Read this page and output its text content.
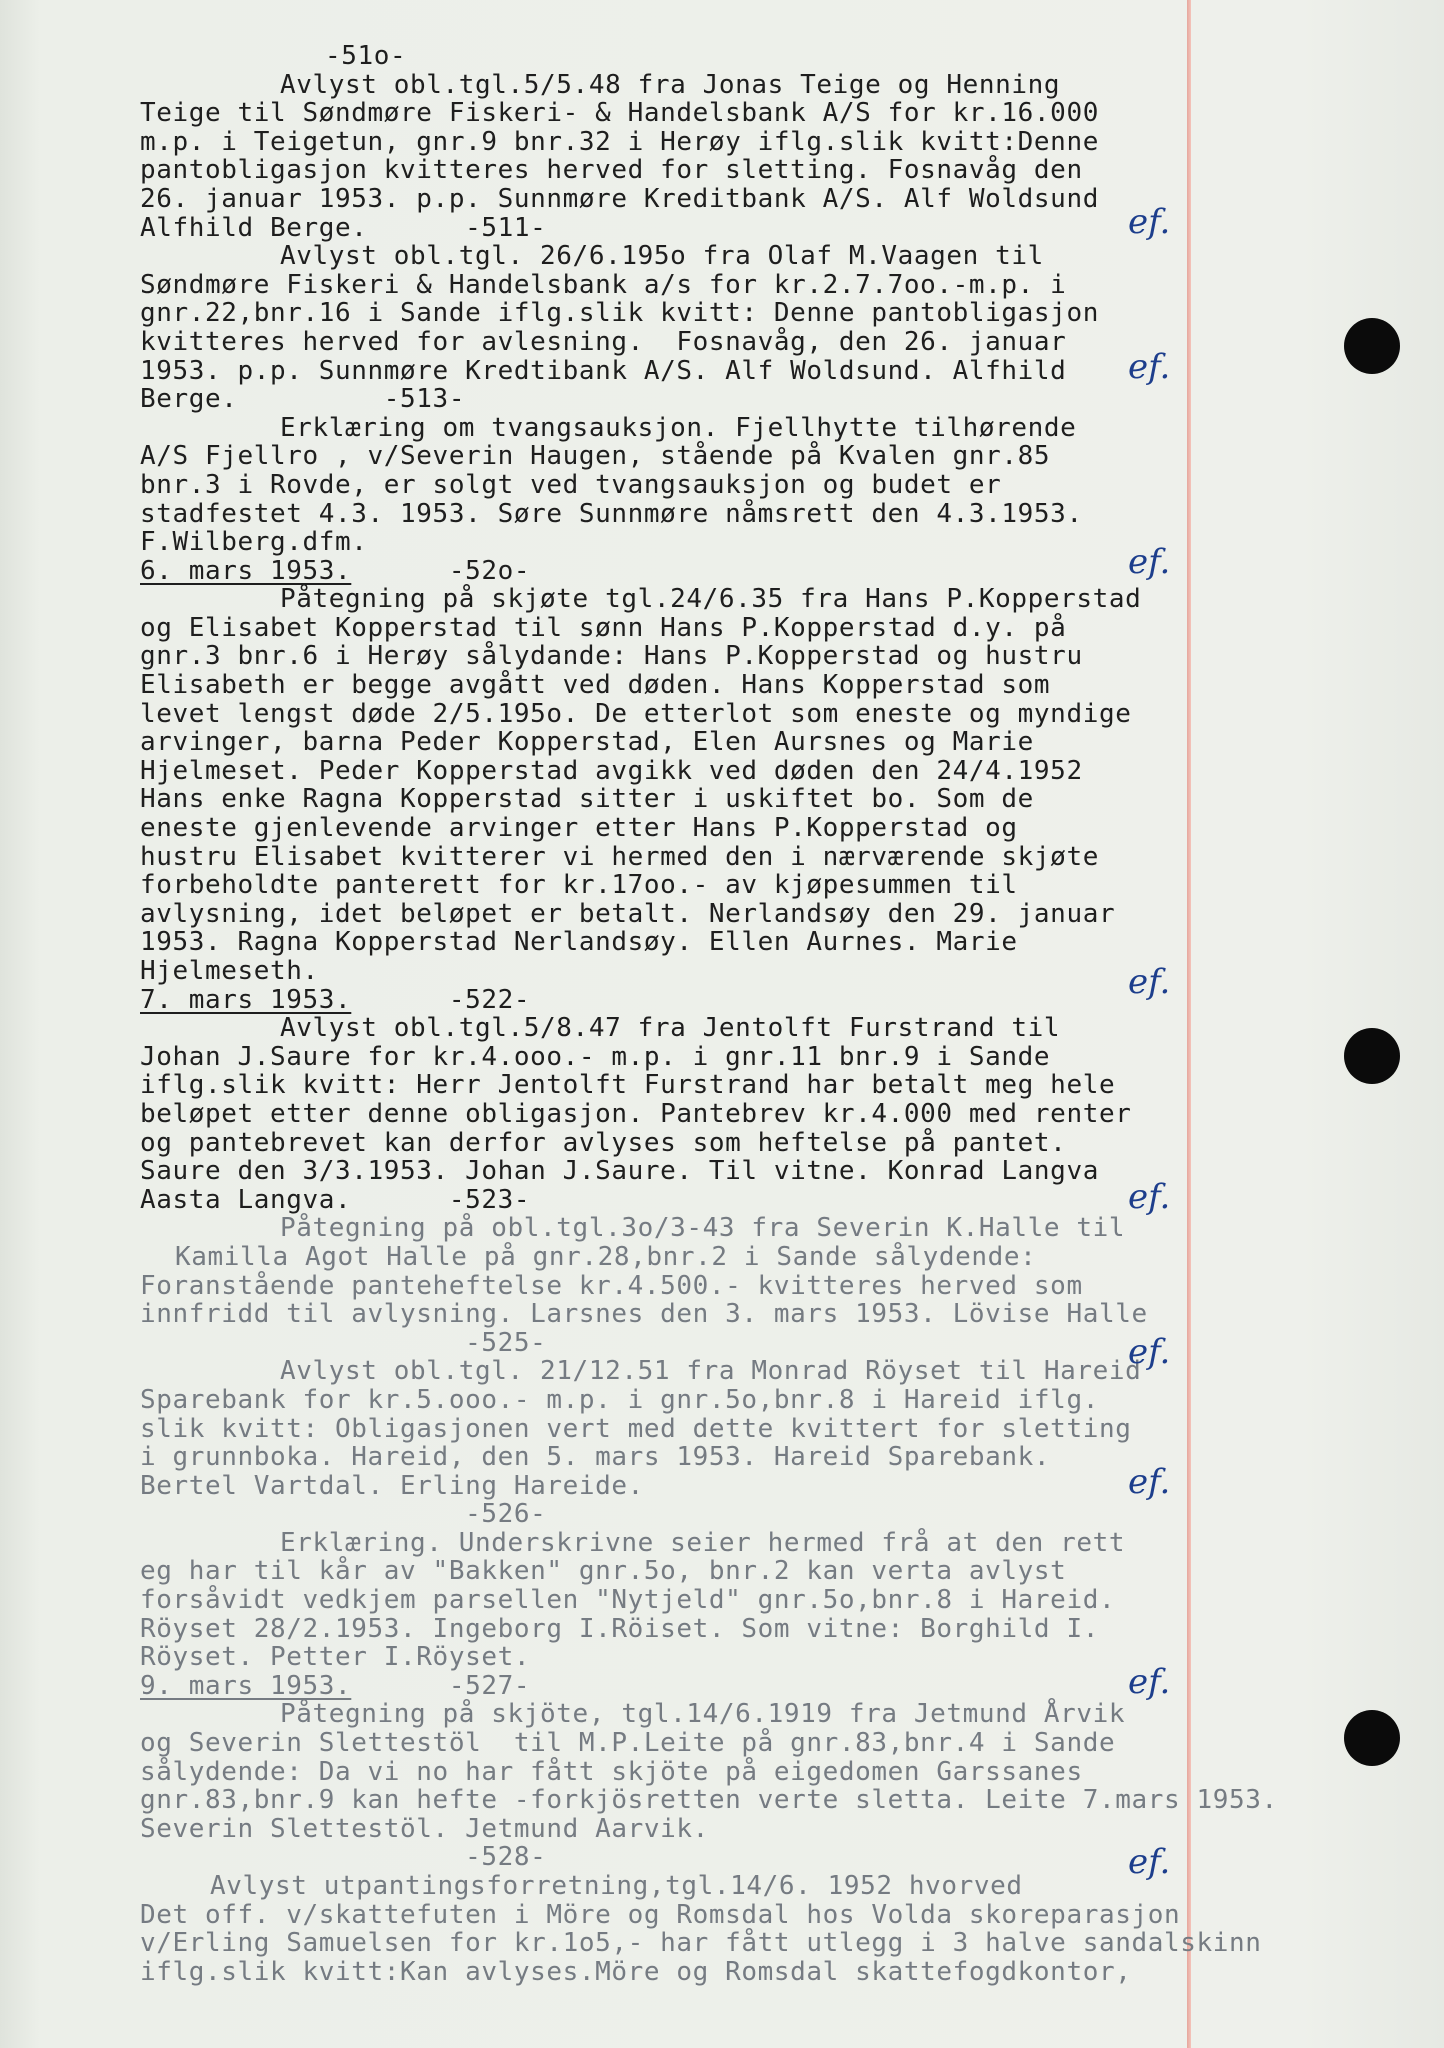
-51o-
Avlyst obl.tgl.5/5.48 fra Jonas Teige og Henning
Teige til Søndmøre Fiskeri- & Handelsbank A/S for kr.16.000
m.p. i Teigetun, gnr.9 bnr.32 i Herøy iflg.slik kvitt:Denne
pantobligasjon kvitteres herved for sletting. Fosnavåg den
26. januar 1953. p.p. Sunnmøre Kreditbank A/S. Alf Woldsund
Alfhild Berge.      -511-
Avlyst obl.tgl. 26/6.195o fra Olaf M.Vaagen til
Søndmøre Fiskeri & Handelsbank a/s for kr.2.7.7oo.-m.p. i
gnr.22,bnr.16 i Sande iflg.slik kvitt: Denne pantobligasjon
kvitteres herved for avlesning.  Fosnavåg, den 26. januar
1953. p.p. Sunnmøre Kredtibank A/S. Alf Woldsund. Alfhild
Berge.         -513-
Erklæring om tvangsauksjon. Fjellhytte tilhørende
A/S Fjellro , v/Severin Haugen, stående på Kvalen gnr.85
bnr.3 i Rovde, er solgt ved tvangsauksjon og budet er
stadfestet 4.3. 1953. Søre Sunnmøre nåmsrett den 4.3.1953.
F.Wilberg.dfm.
6. mars 1953.      -52o-
Påtegning på skjøte tgl.24/6.35 fra Hans P.Kopperstad
og Elisabet Kopperstad til sønn Hans P.Kopperstad d.y. på
gnr.3 bnr.6 i Herøy sålydande: Hans P.Kopperstad og hustru
Elisabeth er begge avgått ved døden. Hans Kopperstad som
levet lengst døde 2/5.195o. De etterlot som eneste og myndige
arvinger, barna Peder Kopperstad, Elen Aursnes og Marie
Hjelmeset. Peder Kopperstad avgikk ved døden den 24/4.1952
Hans enke Ragna Kopperstad sitter i uskiftet bo. Som de
eneste gjenlevende arvinger etter Hans P.Kopperstad og
hustru Elisabet kvitterer vi hermed den i nærværende skjøte
forbeholdte panterett for kr.17oo.- av kjøpesummen til
avlysning, idet beløpet er betalt. Nerlandsøy den 29. januar
1953. Ragna Kopperstad Nerlandsøy. Ellen Aurnes. Marie
Hjelmeseth.
7. mars 1953.      -522-
Avlyst obl.tgl.5/8.47 fra Jentolft Furstrand til
Johan J.Saure for kr.4.ooo.- m.p. i gnr.11 bnr.9 i Sande
iflg.slik kvitt: Herr Jentolft Furstrand har betalt meg hele
beløpet etter denne obligasjon. Pantebrev kr.4.000 med renter
og pantebrevet kan derfor avlyses som heftelse på pantet.
Saure den 3/3.1953. Johan J.Saure. Til vitne. Konrad Langva
Aasta Langva.      -523-
Påtegning på obl.tgl.3o/3-43 fra Severin K.Halle til
Kamilla Agot Halle på gnr.28,bnr.2 i Sande sålydende:
Foranstående panteheftelse kr.4.500.- kvitteres herved som
innfridd til avlysning. Larsnes den 3. mars 1953. Lövise Halle
-525-
Avlyst obl.tgl. 21/12.51 fra Monrad Röyset til Hareid
Sparebank for kr.5.ooo.- m.p. i gnr.5o,bnr.8 i Hareid iflg.
slik kvitt: Obligasjonen vert med dette kvittert for sletting
i grunnboka. Hareid, den 5. mars 1953. Hareid Sparebank.
Bertel Vartdal. Erling Hareide.
-526-
Erklæring. Underskrivne seier hermed frå at den rett
eg har til kår av "Bakken" gnr.5o, bnr.2 kan verta avlyst
forsåvidt vedkjem parsellen "Nytjeld" gnr.5o,bnr.8 i Hareid.
Röyset 28/2.1953. Ingeborg I.Röiset. Som vitne: Borghild I.
Röyset. Petter I.Röyset.
9. mars 1953.      -527-
Påtegning på skjöte, tgl.14/6.1919 fra Jetmund Årvik
og Severin Slettestöl  til M.P.Leite på gnr.83,bnr.4 i Sande
sålydende: Da vi no har fått skjöte på eigedomen Garssanes
gnr.83,bnr.9 kan hefte -forkjösretten verte sletta. Leite 7.mars 1953.
Severin Slettestöl. Jetmund Aarvik.
-528-
Avlyst utpantingsforretning,tgl.14/6. 1952 hvorved
Det off. v/skattefuten i Möre og Romsdal hos Volda skoreparasjon
v/Erling Samuelsen for kr.1o5,- har fått utlegg i 3 halve sandalskinn
iflg.slik kvitt:Kan avlyses.Möre og Romsdal skattefogdkontor,
ef.
ef.
ef.
ef.
ef.
ef.
ef.
ef.
ef.
